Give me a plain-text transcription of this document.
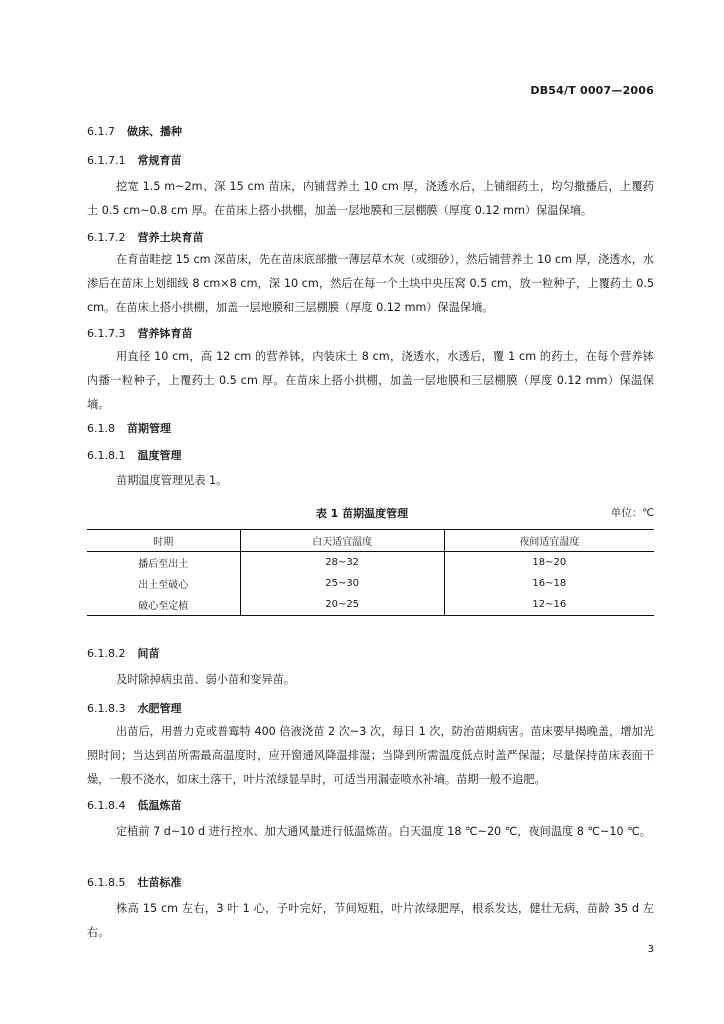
DB54/T 0007—2006
6.1.7 做床、播种
6.1.7.1 常规育苗

挖宽 1.5 m~2m、深 15 cm 苗床，内铺营养土 10 cm 厚，浇透水后，上铺细药土，均匀撒播后，上覆药土 0.5 cm~0.8 cm 厚。在苗床上搭小拱棚，加盖一层地膜和三层棚膜（厚度 0.12 mm）保温保墒。

6.1.7.2 营养土块育苗

在育苗畦挖 15 cm 深苗床，先在苗床底部撒一薄层草木灰（或细砂），然后铺营养土 10 cm 厚，浇透水，水渗后在苗床上划细线 8 cm×8 cm，深 10 cm，然后在每一个土块中央压窝 0.5 cm，放一粒种子，上覆药土 0.5 cm。在苗床上搭小拱棚，加盖一层地膜和三层棚膜（厚度 0.12 mm）保温保墒。

6.1.7.3 营养钵育苗

用直径 10 cm，高 12 cm 的营养钵，内装床土 8 cm，浇透水，水透后，覆 1 cm 的药土，在每个营养钵内播一粒种子，上覆药土 0.5 cm 厚。在苗床上搭小拱棚，加盖一层地膜和三层棚膜（厚度 0.12 mm）保温保墒。

6.1.8 苗期管理
6.1.8.1 温度管理

苗期温度管理见表 1。

表 1 苗期温度管理	单位：℃
时期	白天适宜温度	夜间适宜温度
播后至出土	28~32	18~20
出土至破心	25~30	16~18
破心至定植	20~25	12~16
6.1.8.2 间苗

及时除掉病虫苗、弱小苗和变异苗。

6.1.8.3 水肥管理

出苗后，用普力克或普霉特 400 倍液浇苗 2 次~3 次，每日 1 次，防治苗期病害。苗床要早揭晚盖，增加光照时间；当达到苗所需最高温度时，应开窗通风降温排湿；当降到所需温度低点时盖严保湿；尽量保持苗床表面干燥，一般不浇水，如床土落干，叶片浓绿显旱时，可适当用漏壶喷水补墒。苗期一般不追肥。

6.1.8.4 低温炼苗

定植前 7 d~10 d 进行控水、加大通风量进行低温炼苗。白天温度 18 ℃~20 ℃，夜间温度 8 ℃~10 ℃。

6.1.8.5 壮苗标准

株高 15 cm 左右，3 叶 1 心，子叶完好，节间短粗，叶片浓绿肥厚，根系发达，健壮无病，苗龄 35 d 左右。

3
